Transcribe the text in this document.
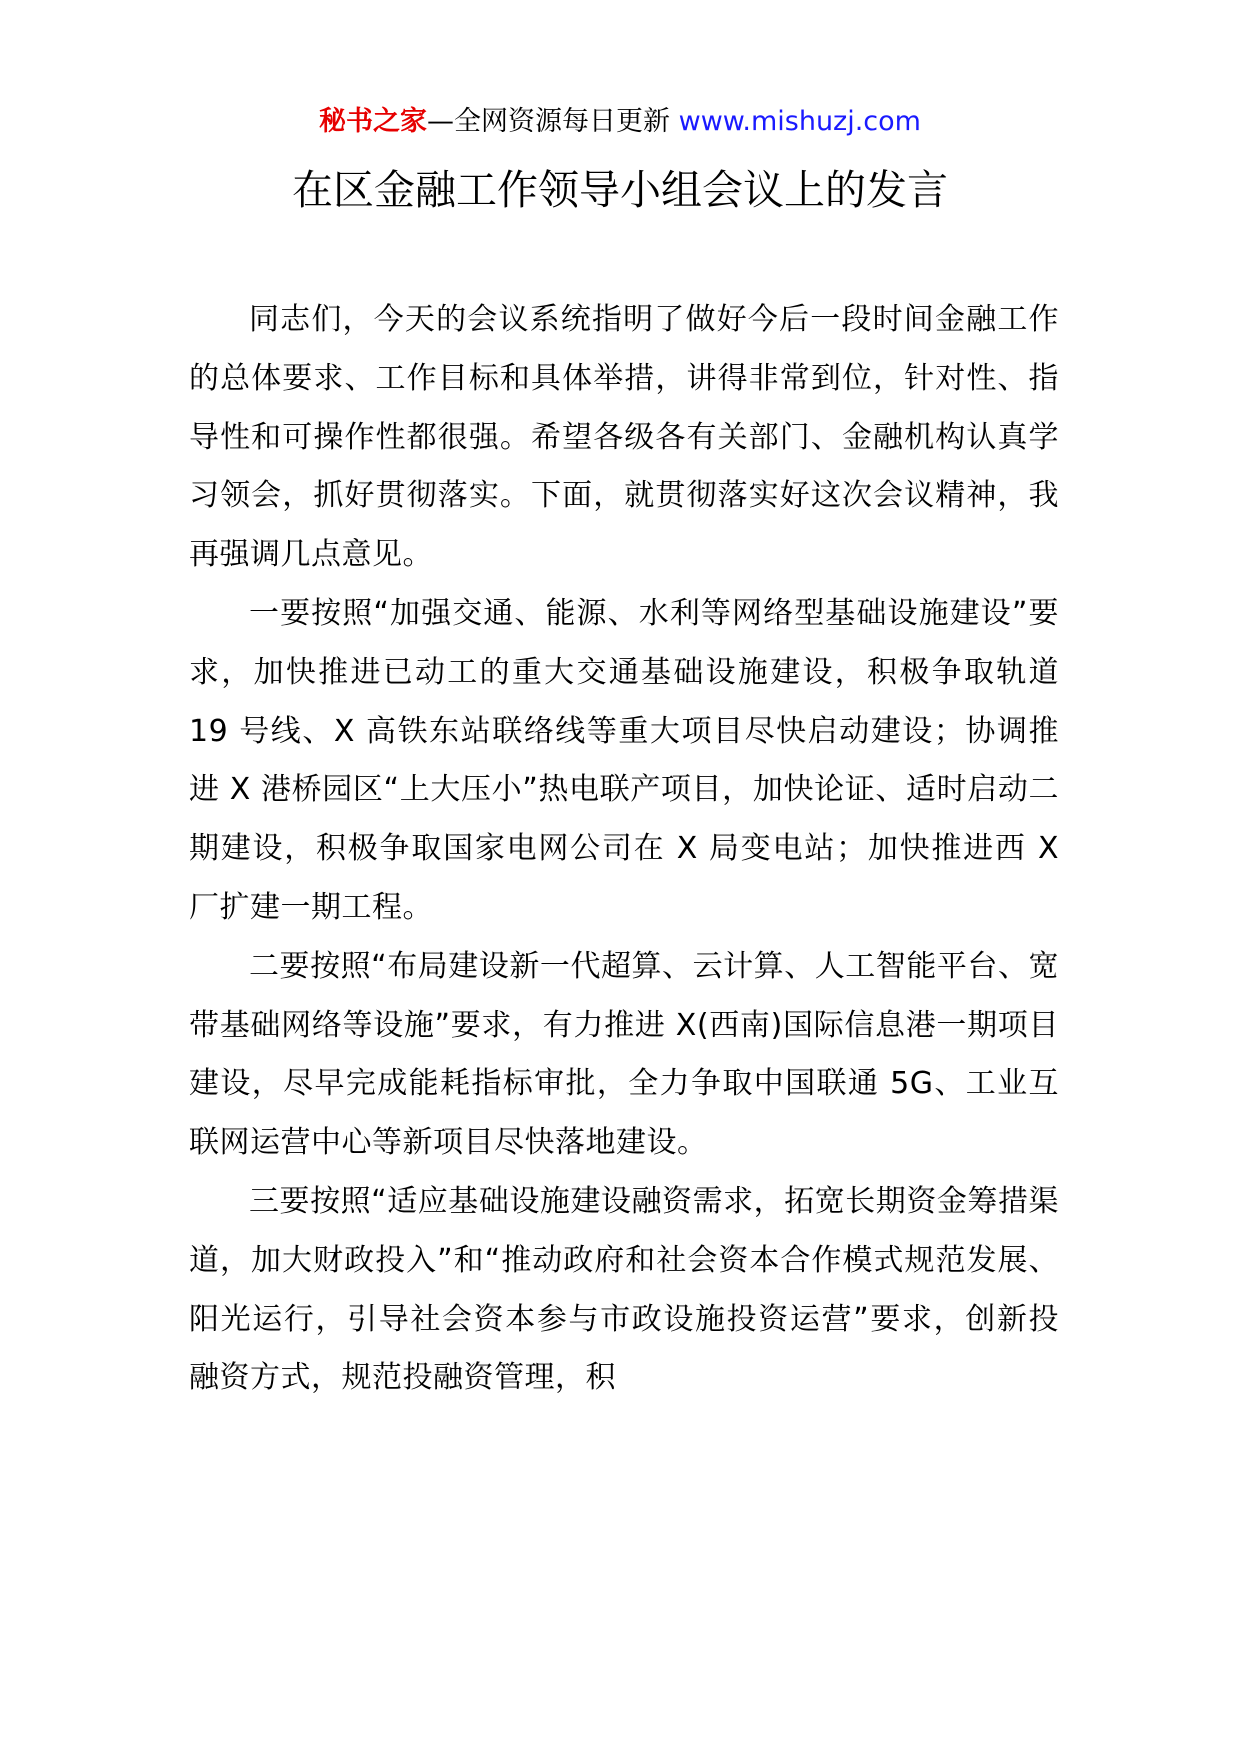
秘书之家—全网资源每日更新 www.mishuzj.com
在区金融工作领导小组会议上的发言

同志们，今天的会议系统指明了做好今后一段时间金融工作的总体要求、工作目标和具体举措，讲得非常到位，针对性、指导性和可操作性都很强。希望各级各有关部门、金融机构认真学习领会，抓好贯彻落实。下面，就贯彻落实好这次会议精神，我再强调几点意见。

一要按照“加强交通、能源、水利等网络型基础设施建设”要求，加快推进已动工的重大交通基础设施建设，积极争取轨道 19 号线、X 高铁东站联络线等重大项目尽快启动建设；协调推进 X 港桥园区“上大压小”热电联产项目，加快论证、适时启动二期建设，积极争取国家电网公司在 X 局变电站；加快推进西 X 厂扩建一期工程。

二要按照“布局建设新一代超算、云计算、人工智能平台、宽带基础网络等设施”要求，有力推进 X(西南)国际信息港一期项目建设，尽早完成能耗指标审批，全力争取中国联通 5G、工业互联网运营中心等新项目尽快落地建设。

三要按照“适应基础设施建设融资需求，拓宽长期资金筹措渠道，加大财政投入”和“推动政府和社会资本合作模式规范发展、阳光运行，引导社会资本参与市政设施投资运营”要求，创新投融资方式，规范投融资管理，积
